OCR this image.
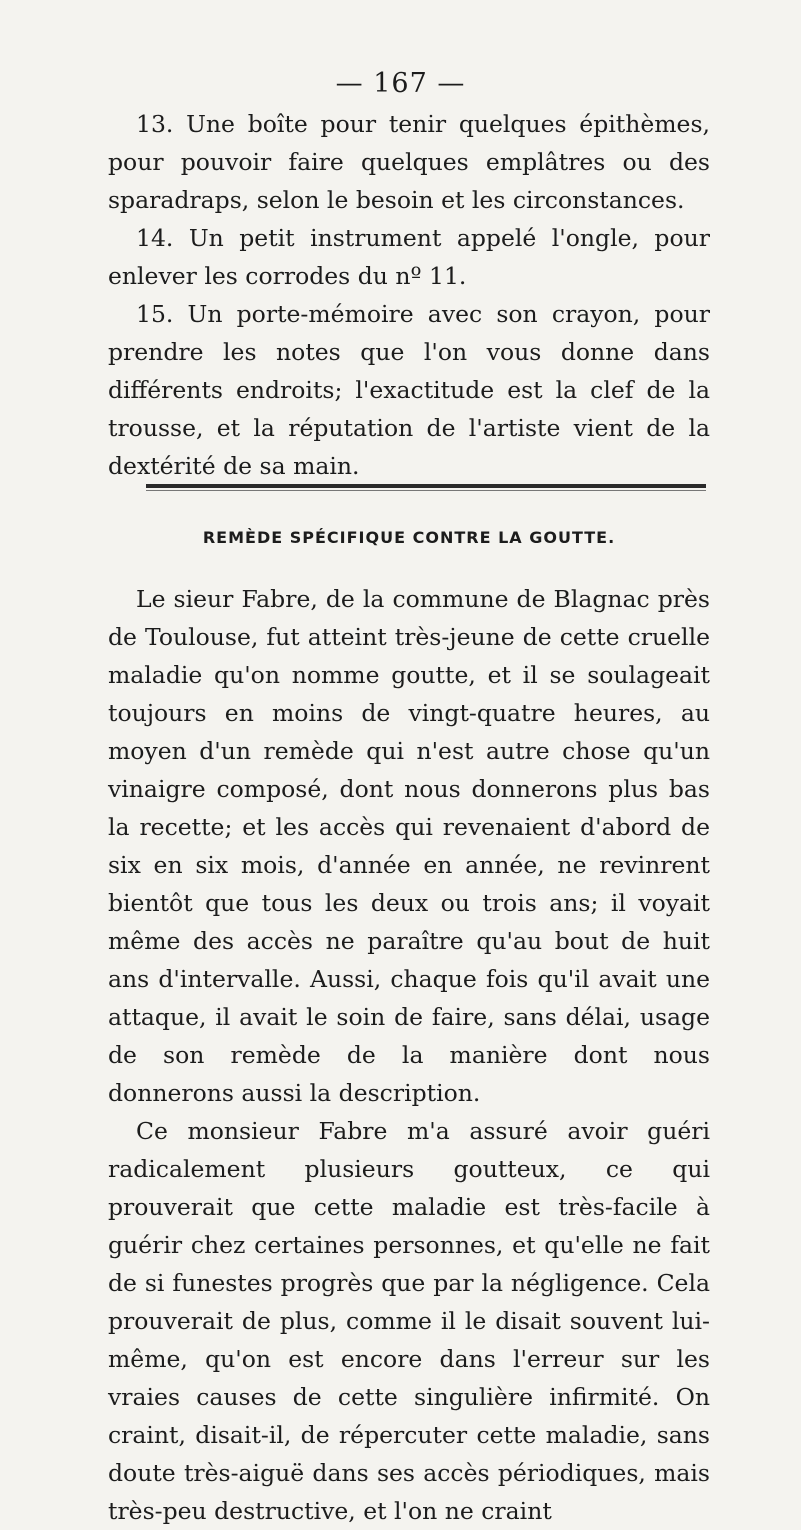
— 167 —

13. Une boîte pour tenir quelques épithèmes, pour pouvoir faire quelques emplâtres ou des sparadraps, selon le besoin et les circonstances.

14. Un petit instrument appelé l'ongle, pour enlever les corrodes du nº 11.

15. Un porte-mémoire avec son crayon, pour prendre les notes que l'on vous donne dans différents endroits; l'exactitude est la clef de la trousse, et la réputation de l'artiste vient de la dextérité de sa main.

REMÈDE SPÉCIFIQUE CONTRE LA GOUTTE.

Le sieur Fabre, de la commune de Blagnac près de Toulouse, fut atteint très-jeune de cette cruelle maladie qu'on nomme goutte, et il se soulageait toujours en moins de vingt-quatre heures, au moyen d'un remède qui n'est autre chose qu'un vinaigre composé, dont nous donnerons plus bas la recette; et les accès qui revenaient d'abord de six en six mois, d'année en année, ne revinrent bientôt que tous les deux ou trois ans; il voyait même des accès ne paraître qu'au bout de huit ans d'intervalle. Aussi, chaque fois qu'il avait une attaque, il avait le soin de faire, sans délai, usage de son remède de la manière dont nous donnerons aussi la description.

Ce monsieur Fabre m'a assuré avoir guéri radicalement plusieurs goutteux, ce qui prouverait que cette maladie est très-facile à guérir chez certaines personnes, et qu'elle ne fait de si funestes progrès que par la négligence. Cela prouverait de plus, comme il le disait souvent lui-même, qu'on est encore dans l'erreur sur les vraies causes de cette singulière infirmité. On craint, disait-il, de répercuter cette maladie, sans doute très-aiguë dans ses accès périodiques, mais très-peu destructive, et l'on ne craint
